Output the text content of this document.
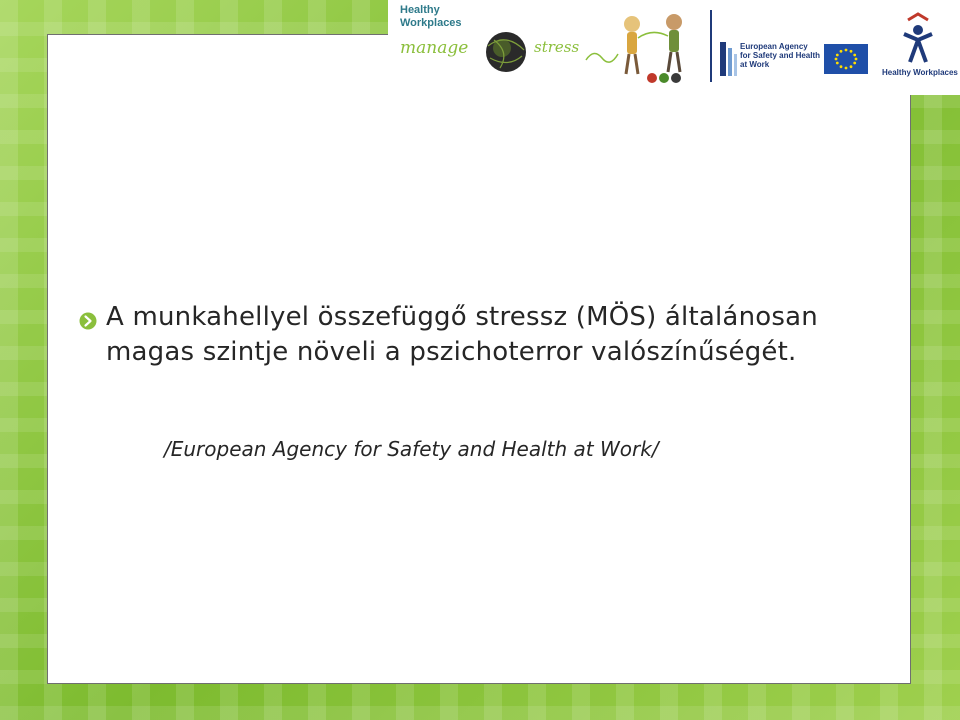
Healthy
Workplaces
manage	stress	European Agency
for Safety and Health
at Work
Healthy Workplaces
A munkahellyel összefüggő stressz (MÖS) általánosan magas szintje növeli a pszichoterror valószínűségét.
/European Agency for Safety and Health at Work/
